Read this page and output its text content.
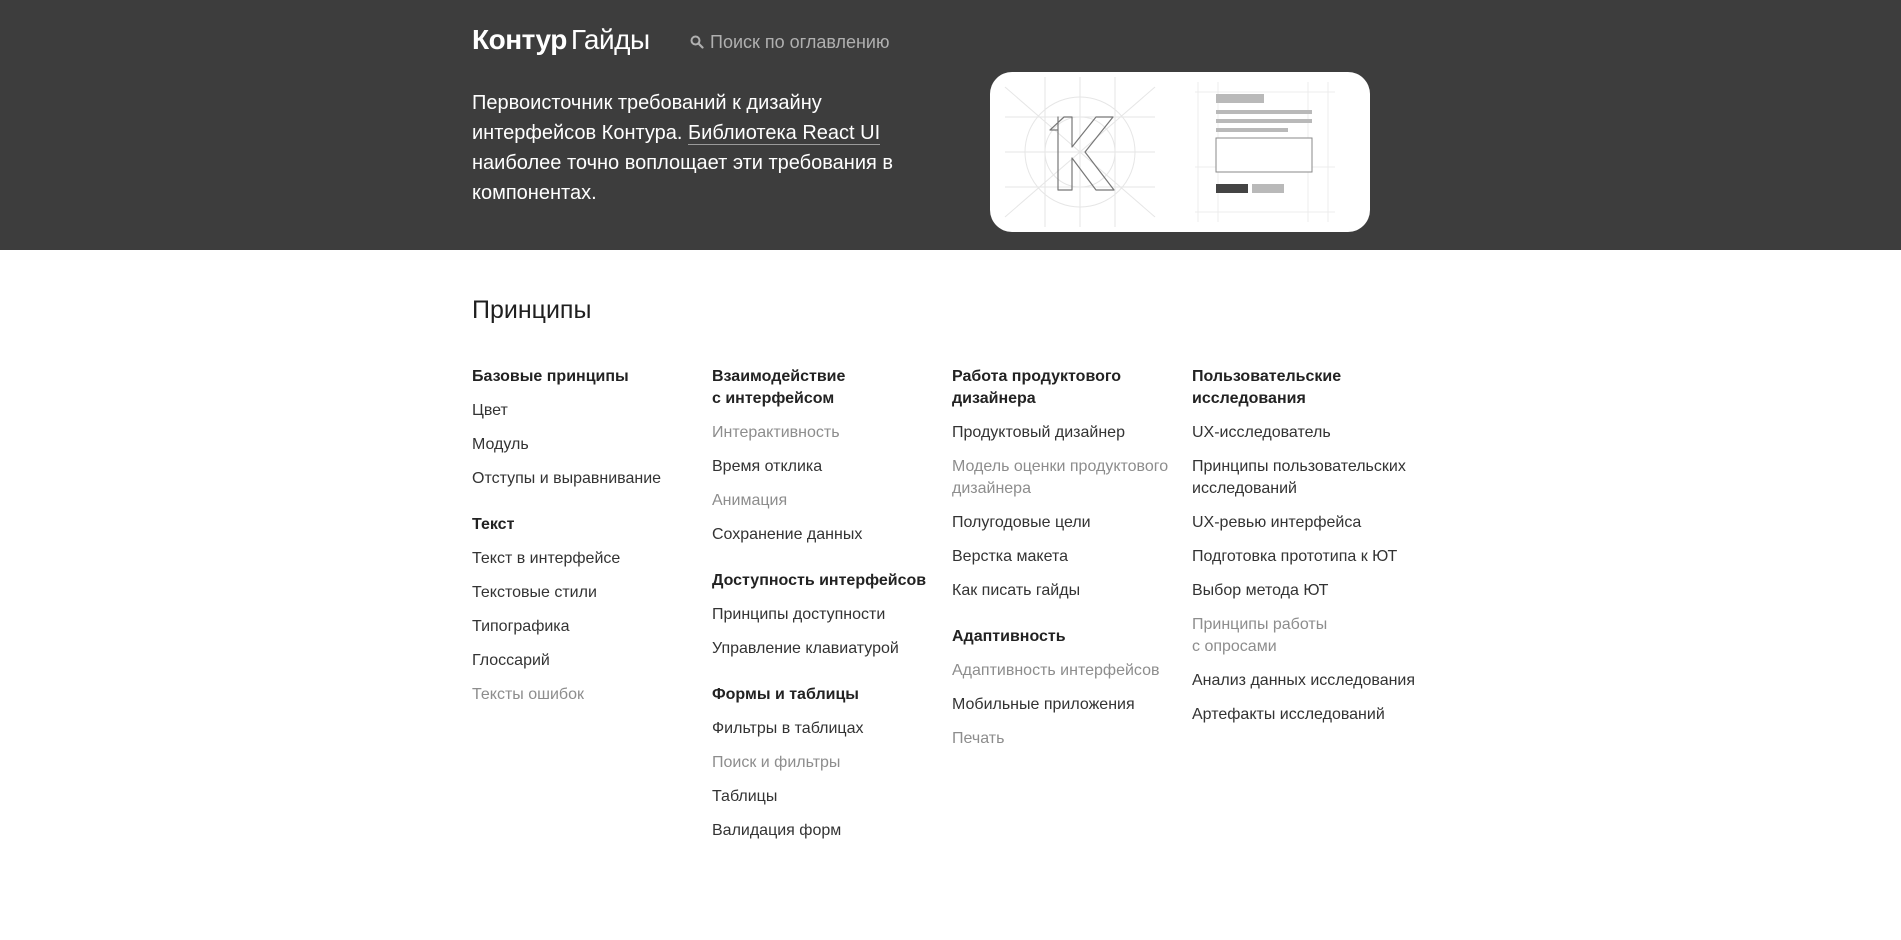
Контур Гайды	Поиск по оглавлению

Первоисточник требований к дизайну интерфейсов Контура. Библиотека React UI наиболее точно воплощает эти требования в компонентах.

Принципы
Базовые принципы
Цвет
Модуль
Отступы и выравнивание
Текст
Текст в интерфейсе
Текстовые стили
Типографика
Глоссарий
Тексты ошибок
Взаимодействие
с интерфейсом
Интерактивность
Время отклика
Анимация
Сохранение данных
Доступность интерфейсов
Принципы доступности
Управление клавиатурой
Формы и таблицы
Фильтры в таблицах
Поиск и фильтры
Таблицы
Валидация форм
Работа продуктового
дизайнера
Продуктовый дизайнер
Модель оценки продуктового
дизайнера
Полугодовые цели
Верстка макета
Как писать гайды
Адаптивность
Адаптивность интерфейсов
Мобильные приложения
Печать
Пользовательские
исследования
UX-исследователь
Принципы пользовательских
исследований
UX-ревью интерфейса
Подготовка прототипа к ЮТ
Выбор метода ЮТ
Принципы работы
с опросами
Анализ данных исследования
Артефакты исследований
